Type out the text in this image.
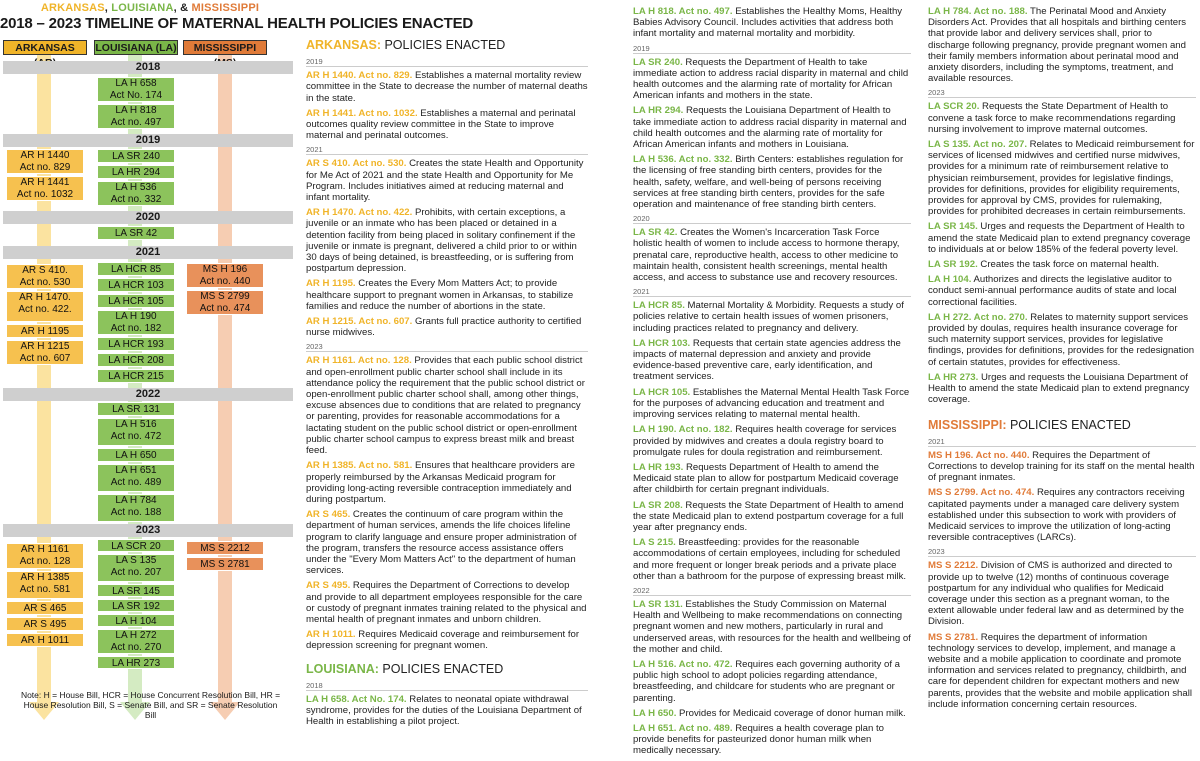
ARKANSAS, LOUISIANA, & MISSISSIPPI
2018 – 2023 TIMELINE OF MATERNAL HEALTH POLICIES ENACTED
ARKANSAS	LOUISIANA (LA)	MISSISSIPPI
2018
2019
2020
2021
2022
2023
Note: H = House Bill, HCR = House Concurrent Resolution Bill, HR = House Resolution Bill, S = Senate Bill, and SR = Senate Resolution Bill
LA H 658
Act No. 174
LA H 818
Act no. 497
AR H 1440
Act no. 829
AR H 1441
Act no. 1032
LA SR 240
LA HR 294
LA H 536
Act no. 332
LA SR 42
AR S 410.
Act no. 530
AR H 1470.
Act no. 422.
AR H 1195
AR H 1215
Act no. 607
LA HCR 85
LA HCR 103
LA HCR 105
LA H 190
Act no. 182
LA HCR 193
LA HCR 208
LA HCR 215
MS H 196
Act no. 440
MS S 2799
Act no. 474
LA SR 131
LA H 516
Act no. 472
LA H 650
LA H 651
Act no. 489
LA H 784
Act no. 188
AR H 1161
Act no. 128
AR H 1385
Act no. 581
AR S 465
AR S 495
AR H 1011
LA SCR 20
LA S 135
Act no. 207
LA SR 145
LA SR 192
LA H 104
LA H 272
Act no. 270
LA HR 273
MS S 2212
MS S 2781
ARKANSAS: POLICIES ENACTED
2019
AR H 1440. Act no. 829. Establishes a maternal mortality review committee in the State to decrease the number of maternal deaths in the state.
AR H 1441. Act no. 1032. Establishes a maternal and perinatal outcomes quality review committee in the State to improve maternal and perinatal outcomes.
2021
AR S 410. Act no. 530. Creates the state Health and Opportunity for Me Act of 2021 and the state Health and Opportunity for Me Program. Includes initiatives aimed at reducing maternal and infant mortality.
AR H 1470. Act no. 422. Prohibits, with certain exceptions, a juvenile or an inmate who has been placed or detained in a detention facility from being placed in solitary confinement if the juvenile or inmate is pregnant, delivered a child prior to or within 30 days of being detained, is breastfeeding, or is suffering from postpartum depression.
AR H 1195. Creates the Every Mom Matters Act; to provide healthcare support to pregnant women in Arkansas, to stabilize families and reduce the number of abortions in the state.
AR H 1215. Act no. 607. Grants full practice authority to certified nurse midwives.
2023
AR H 1161. Act no. 128. Provides that each public school district and open-enrollment public charter school shall include in its attendance policy the requirement that the public school district or open-enrollment public charter school shall, among other things, excuse absences due to conditions that are related to pregnancy or parenting, provides for reasonable accommodations for a lactating student on the public school district or open-enrollment public charter school campus to express breast milk and breast feed.
AR H 1385. Act no. 581. Ensures that healthcare providers are properly reimbursed by the Arkansas Medicaid program for providing long-acting reversible contraception immediately and during postpartum.
AR S 465. Creates the continuum of care program within the department of human services, amends the life choices lifeline program to clarify language and ensure proper administration of the program, transfers the resource access assistance offers under the "Every Mom Matters Act" to the department of human services.
AR S 495. Requires the Department of Corrections to develop and provide to all department employees responsible for the care or custody of pregnant inmates training related to the physical and mental health of pregnant inmates and unborn children.
AR H 1011. Requires Medicaid coverage and reimbursement for depression screening for pregnant women.
LOUISIANA: POLICIES ENACTED
2018
LA H 658. Act No. 174. Relates to neonatal opiate withdrawal syndrome, provides for the duties of the Louisiana Department of Health in establishing a pilot project.
LA H 818. Act no. 497. Establishes the Healthy Moms, Healthy Babies Advisory Council. Includes activities that address both infant mortality and maternal mortality and morbidity.
2019
LA SR 240. Requests the Department of Health to take immediate action to address racial disparity in maternal and child health outcomes and the alarming rate of mortality for African American infants and mothers in the state.
LA HR 294. Requests the Louisiana Department of Health to take immediate action to address racial disparity in maternal and child health outcomes and the alarming rate of mortality for African American infants and mothers in Louisiana.
LA H 536. Act no. 332. Birth Centers: establishes regulation for the licensing of free standing birth centers, provides for the health, safety, welfare, and well-being of persons receiving services at free standing birth centers, provides for the safe operation and maintenance of free standing birth centers.
2020
LA SR 42. Creates the Women's Incarceration Task Force holistic health of women to include access to hormone therapy, prenatal care, reproductive health, access to other medicine to maintain health, consistent health screenings, mental health access, and access to substance use and recovery resources.
2021
LA HCR 85. Maternal Mortality & Morbidity. Requests a study of policies relative to certain health issues of women prisoners, including practices related to pregnancy and delivery.
LA HCR 103. Requests that certain state agencies address the impacts of maternal depression and anxiety and provide evidence-based preventive care, early identification, and treatment services.
LA HCR 105. Establishes the Maternal Mental Health Task Force for the purposes of advancing education and treatment and improving services relating to maternal mental health.
LA H 190. Act no. 182. Requires health coverage for services provided by midwives and creates a doula registry board to promulgate rules for doula registration and reimbursement.
LA HR 193. Requests Department of Health to amend the Medicaid state plan to allow for postpartum Medicaid coverage after childbirth for certain pregnant individuals.
LA SR 208. Requests the State Department of Health to amend the state Medicaid plan to extend postpartum coverage for a full year after pregnancy ends.
LA S 215. Breastfeeding: provides for the reasonable accommodations of certain employees, including for scheduled and more frequent or longer break periods and a private place other than a bathroom for the purpose of expressing breast milk.
2022
LA SR 131. Establishes the Study Commission on Maternal Health and Wellbeing to make recommendations on connecting pregnant women and new mothers, particularly in rural and underserved areas, with resources for the health and wellbeing of the mother and child.
LA H 516. Act no. 472. Requires each governing authority of a public high school to adopt policies regarding attendance, breastfeeding, and childcare for students who are pregnant or parenting.
LA H 650. Provides for Medicaid coverage of donor human milk.
LA H 651. Act no. 489. Requires a health coverage plan to provide benefits for pasteurized donor human milk when medically necessary.
LA H 784. Act no. 188. The Perinatal Mood and Anxiety Disorders Act. Provides that all hospitals and birthing centers that provide labor and delivery services shall, prior to discharge following pregnancy, provide pregnant women and their family members information about perinatal mood and anxiety disorders, including the symptoms, treatment, and available resources.
2023
LA SCR 20. Requests the State Department of Health to convene a task force to make recommendations regarding nursing involvement to improve maternal outcomes.
LA S 135. Act no. 207. Relates to Medicaid reimbursement for services of licensed midwives and certified nurse midwives, provides for a minimum rate of reimbursement relative to physician reimbursement, provides for legislative findings, provides for definitions, provides for eligibility requirements, provides for approval by CMS, provides for rulemaking, provides for prohibited decreases in certain reimbursements.
LA SR 145. Urges and requests the Department of Health to amend the state Medicaid plan to extend pregnancy coverage to individuals at or below 185% of the federal poverty level.
LA SR 192. Creates the task force on maternal health.
LA H 104. Authorizes and directs the legislative auditor to conduct semi-annual performance audits of state and local correctional facilities.
LA H 272. Act no. 270. Relates to maternity support services provided by doulas, requires health insurance coverage for such maternity support services, provides for legislative findings, provides for definitions, provides for the redesignation of certain statutes, provides for effectiveness.
LA HR 273. Urges and requests the Louisiana Department of Health to amend the state Medicaid plan to extend pregnancy coverage.
MISSISSIPPI: POLICIES ENACTED
2021
MS H 196. Act no. 440. Requires the Department of Corrections to develop training for its staff on the mental health of pregnant inmates.
MS S 2799. Act no. 474. Requires any contractors receiving capitated payments under a managed care delivery system established under this subsection to work with providers of Medicaid services to improve the utilization of long-acting reversible contraceptives (LARCs).
2023
MS S 2212. Division of CMS is authorized and directed to provide up to twelve (12) months of continuous coverage postpartum for any individual who qualifies for Medicaid coverage under this section as a pregnant woman, to the extent allowable under federal law and as determined by the Division.
MS S 2781. Requires the department of information technology services to develop, implement, and manage a website and a mobile application to coordinate and promote information and services related to pregnancy, childbirth, and care for dependent children for expectant mothers and new parents, provides that the website and mobile application shall include information concerning certain resources.
